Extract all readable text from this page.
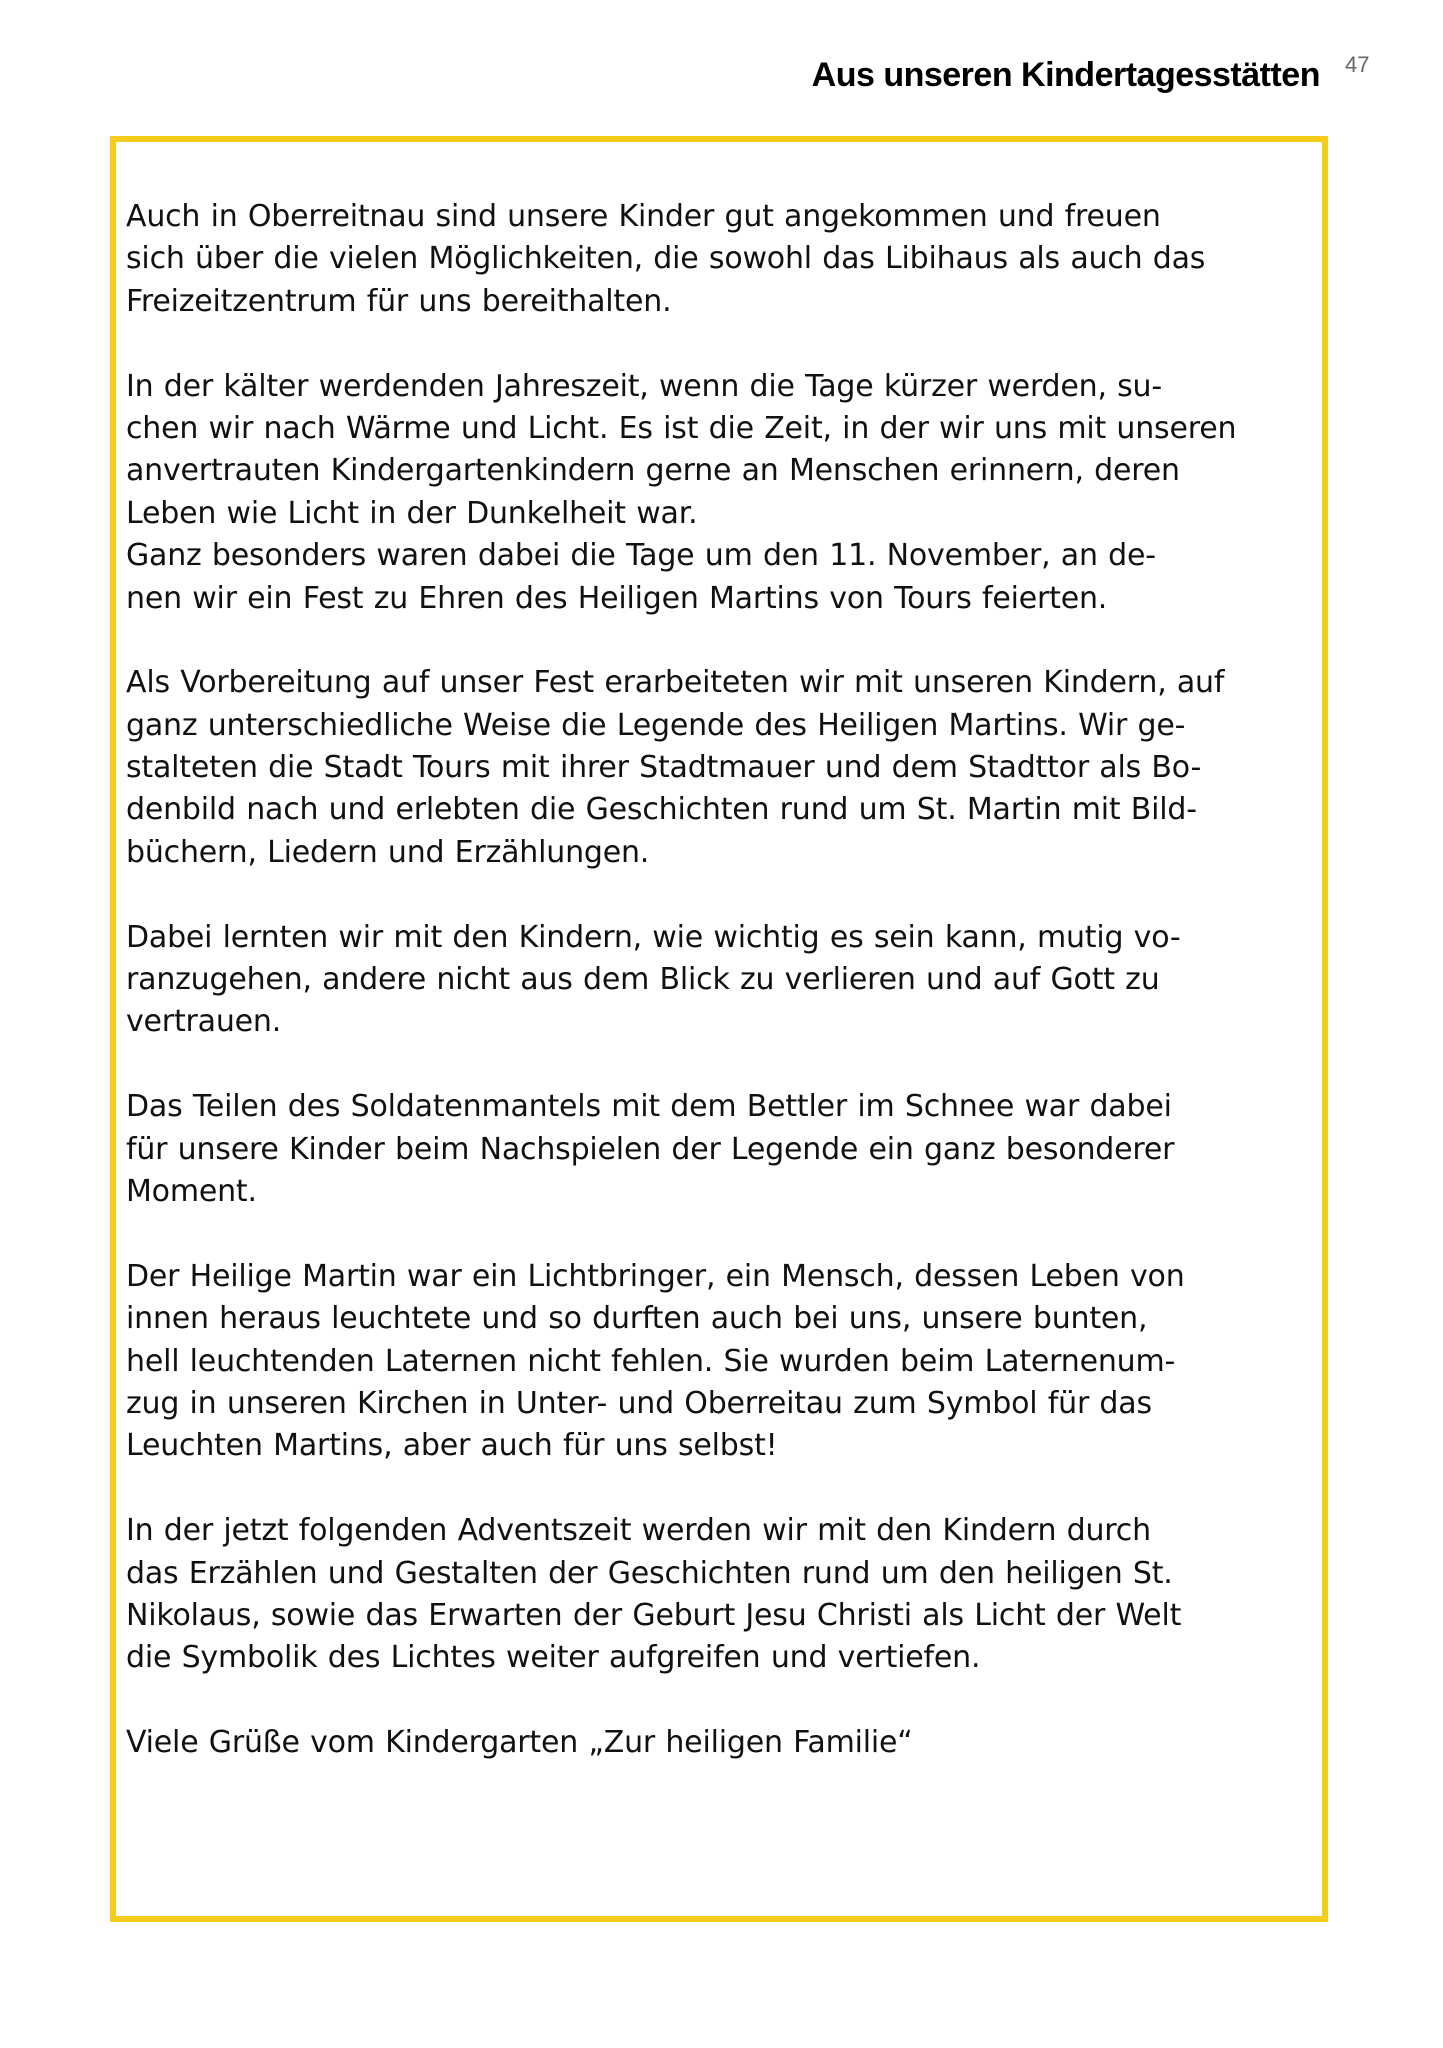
Aus unseren Kindertagesstätten 47
Auch in Oberreitnau sind unsere Kinder gut angekommen und freuen
sich über die vielen Möglichkeiten, die sowohl das Libihaus als auch das
Freizeitzentrum für uns bereithalten.
In der kälter werdenden Jahreszeit, wenn die Tage kürzer werden, su-
chen wir nach Wärme und Licht. Es ist die Zeit, in der wir uns mit unseren
anvertrauten Kindergartenkindern gerne an Menschen erinnern, deren
Leben wie Licht in der Dunkelheit war.
Ganz besonders waren dabei die Tage um den 11. November, an de-
nen wir ein Fest zu Ehren des Heiligen Martins von Tours feierten.
Als Vorbereitung auf unser Fest erarbeiteten wir mit unseren Kindern, auf
ganz unterschiedliche Weise die Legende des Heiligen Martins. Wir ge-
stalteten die Stadt Tours mit ihrer Stadtmauer und dem Stadttor als Bo-
denbild nach und erlebten die Geschichten rund um St. Martin mit Bild-
büchern, Liedern und Erzählungen.
Dabei lernten wir mit den Kindern, wie wichtig es sein kann, mutig vo-
ranzugehen, andere nicht aus dem Blick zu verlieren und auf Gott zu
vertrauen.
Das Teilen des Soldatenmantels mit dem Bettler im Schnee war dabei
für unsere Kinder beim Nachspielen der Legende ein ganz besonderer
Moment.
Der Heilige Martin war ein Lichtbringer, ein Mensch, dessen Leben von
innen heraus leuchtete und so durften auch bei uns, unsere bunten,
hell leuchtenden Laternen nicht fehlen. Sie wurden beim Laternenum-
zug in unseren Kirchen in Unter- und Oberreitau zum Symbol für das
Leuchten Martins, aber auch für uns selbst!
In der jetzt folgenden Adventszeit werden wir mit den Kindern durch
das Erzählen und Gestalten der Geschichten rund um den heiligen St.
Nikolaus, sowie das Erwarten der Geburt Jesu Christi als Licht der Welt
die Symbolik des Lichtes weiter aufgreifen und vertiefen.
Viele Grüße vom Kindergarten „Zur heiligen Familie“
